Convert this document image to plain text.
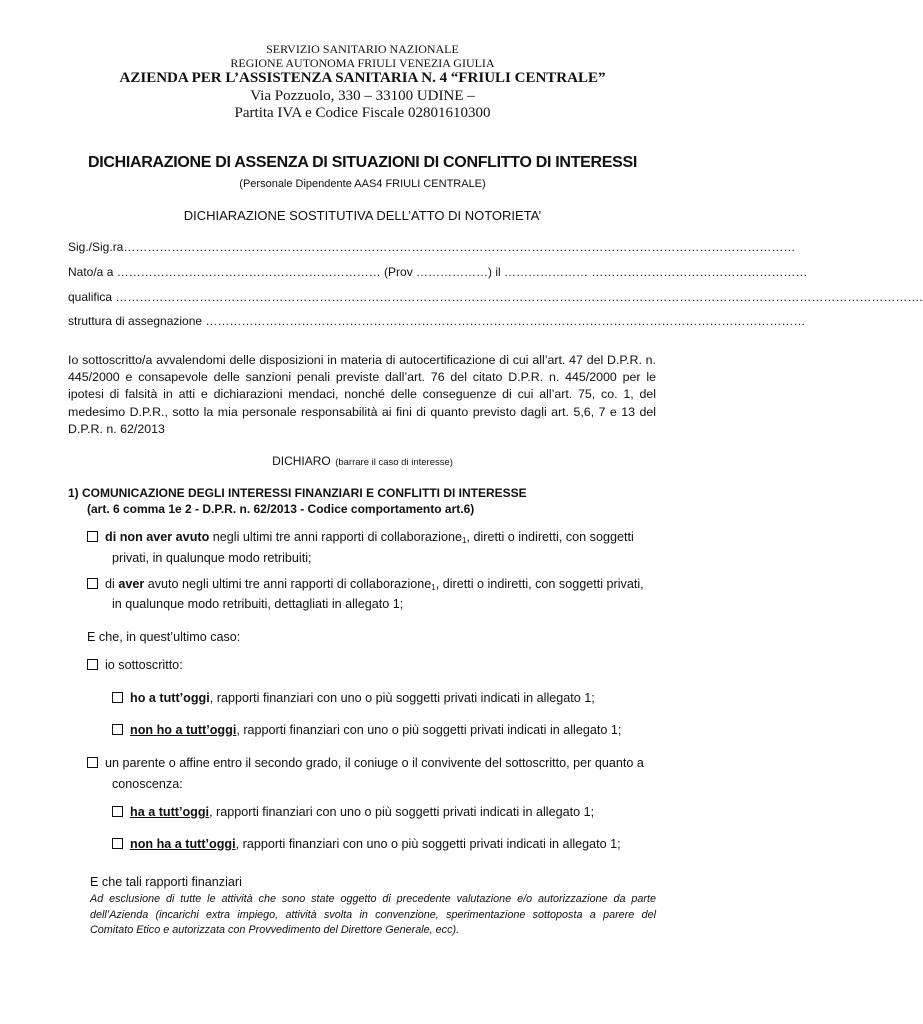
SERVIZIO SANITARIO NAZIONALE
REGIONE AUTONOMA FRIULI VENEZIA GIULIA
AZIENDA PER L’ASSISTENZA SANITARIA N. 4 “FRIULI CENTRALE”
Via Pozzuolo, 330 – 33100 UDINE –
Partita IVA e Codice Fiscale 02801610300
DICHIARAZIONE DI ASSENZA DI SITUAZIONI DI CONFLITTO DI INTERESSI
(Personale Dipendente AAS4 FRIULI CENTRALE)
DICHIARAZIONE SOSTITUTIVA DELL’ATTO DI NOTORIETA’
Sig./Sig.ra……………………………………………………………………………………………………………………………………………………
Nato/a a ………………………………………………………… (Prov ………………) il ………………… ………………………………………………
qualifica ………………………………………………………………………………………………………………………………………………………………………………….
struttura di assegnazione ……………………………………………………………………………………………………………………………………
Io sottoscritto/a avvalendomi delle disposizioni in materia di autocertificazione di cui all’art. 47 del D.P.R. n.
445/2000 e consapevole delle sanzioni penali previste dall’art. 76 del citato D.P.R. n. 445/2000 per le
ipotesi di falsità in atti e dichiarazioni mendaci, nonché delle conseguenze di cui all’art. 75, co. 1, del
medesimo D.P.R., sotto la mia personale responsabilità ai fini di quanto previsto dagli art. 5,6, 7 e 13 del
D.P.R. n. 62/2013
DICHIARO (barrare il caso di interesse)
1) COMUNICAZIONE DEGLI INTERESSI FINANZIARI E CONFLITTI DI INTERESSE
(art. 6 comma 1e 2 - D.P.R. n. 62/2013 - Codice comportamento art.6)
di non aver avuto negli ultimi tre anni rapporti di collaborazione$_1$, diretti o indiretti, con soggetti
privati, in qualunque modo retribuiti;
di aver avuto negli ultimi tre anni rapporti di collaborazione$_1$, diretti o indiretti, con soggetti privati,
in qualunque modo retribuiti, dettagliati in allegato 1;
E che, in quest’ultimo caso:
io sottoscritto:
ho a tutt’oggi, rapporti finanziari con uno o più soggetti privati indicati in allegato 1;
non ho a tutt’oggi, rapporti finanziari con uno o più soggetti privati indicati in allegato 1;
un parente o affine entro il secondo grado, il coniuge o il convivente del sottoscritto, per quanto a
conoscenza:
ha a tutt’oggi, rapporti finanziari con uno o più soggetti privati indicati in allegato 1;
non ha a tutt’oggi, rapporti finanziari con uno o più soggetti privati indicati in allegato 1;
E che tali rapporti finanziari
Ad esclusione di tutte le attività che sono state oggetto di precedente valutazione e/o autorizzazione da parte
dell’Azienda (incarichi extra impiego, attività svolta in convenzione, sperimentazione sottoposta a parere del
Comitato Etico e autorizzata con Provvedimento del Direttore Generale, ecc).
